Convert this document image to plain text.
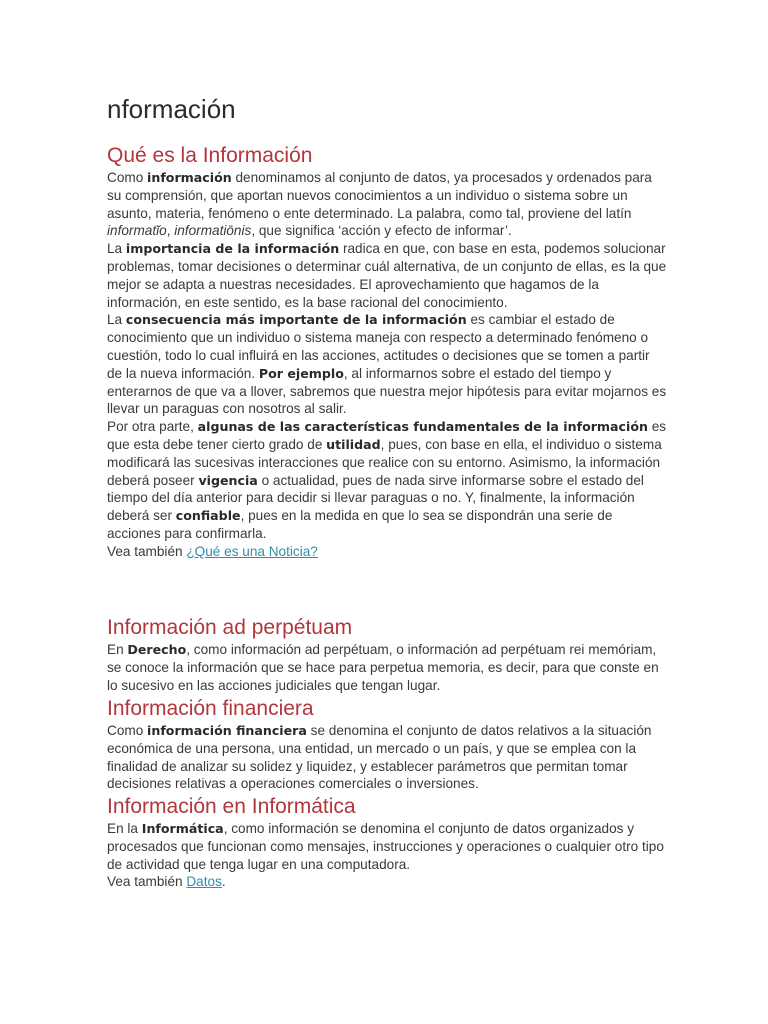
nformación
Qué es la Información

Como información denominamos al conjunto de datos, ya procesados y ordenados para su comprensión, que aportan nuevos conocimientos a un individuo o sistema sobre un asunto, materia, fenómeno o ente determinado. La palabra, como tal, proviene del latín informatĭo, informatiōnis, que significa ‘acción y efecto de informar’.

La importancia de la información radica en que, con base en esta, podemos solucionar problemas, tomar decisiones o determinar cuál alternativa, de un conjunto de ellas, es la que mejor se adapta a nuestras necesidades. El aprovechamiento que hagamos de la información, en este sentido, es la base racional del conocimiento.

La consecuencia más importante de la información es cambiar el estado de conocimiento que un individuo o sistema maneja con respecto a determinado fenómeno o cuestión, todo lo cual influirá en las acciones, actitudes o decisiones que se tomen a partir de la nueva información. Por ejemplo, al informarnos sobre el estado del tiempo y enterarnos de que va a llover, sabremos que nuestra mejor hipótesis para evitar mojarnos es llevar un paraguas con nosotros al salir.

Por otra parte, algunas de las características fundamentales de la información es que esta debe tener cierto grado de utilidad, pues, con base en ella, el individuo o sistema modificará las sucesivas interacciones que realice con su entorno. Asimismo, la información deberá poseer vigencia o actualidad, pues de nada sirve informarse sobre el estado del tiempo del día anterior para decidir si llevar paraguas o no. Y, finalmente, la información deberá ser confiable, pues en la medida en que lo sea se dispondrán una serie de acciones para confirmarla.

Vea también ¿Qué es una Noticia?

Información ad perpétuam

En Derecho, como información ad perpétuam, o información ad perpétuam rei memóriam, se conoce la información que se hace para perpetua memoria, es decir, para que conste en lo sucesivo en las acciones judiciales que tengan lugar.

Información financiera

Como información financiera se denomina el conjunto de datos relativos a la situación económica de una persona, una entidad, un mercado o un país, y que se emplea con la finalidad de analizar su solidez y liquidez, y establecer parámetros que permitan tomar decisiones relativas a operaciones comerciales o inversiones.

Información en Informática

En la Informática, como información se denomina el conjunto de datos organizados y procesados que funcionan como mensajes, instrucciones y operaciones o cualquier otro tipo de actividad que tenga lugar en una computadora.

Vea también Datos.
